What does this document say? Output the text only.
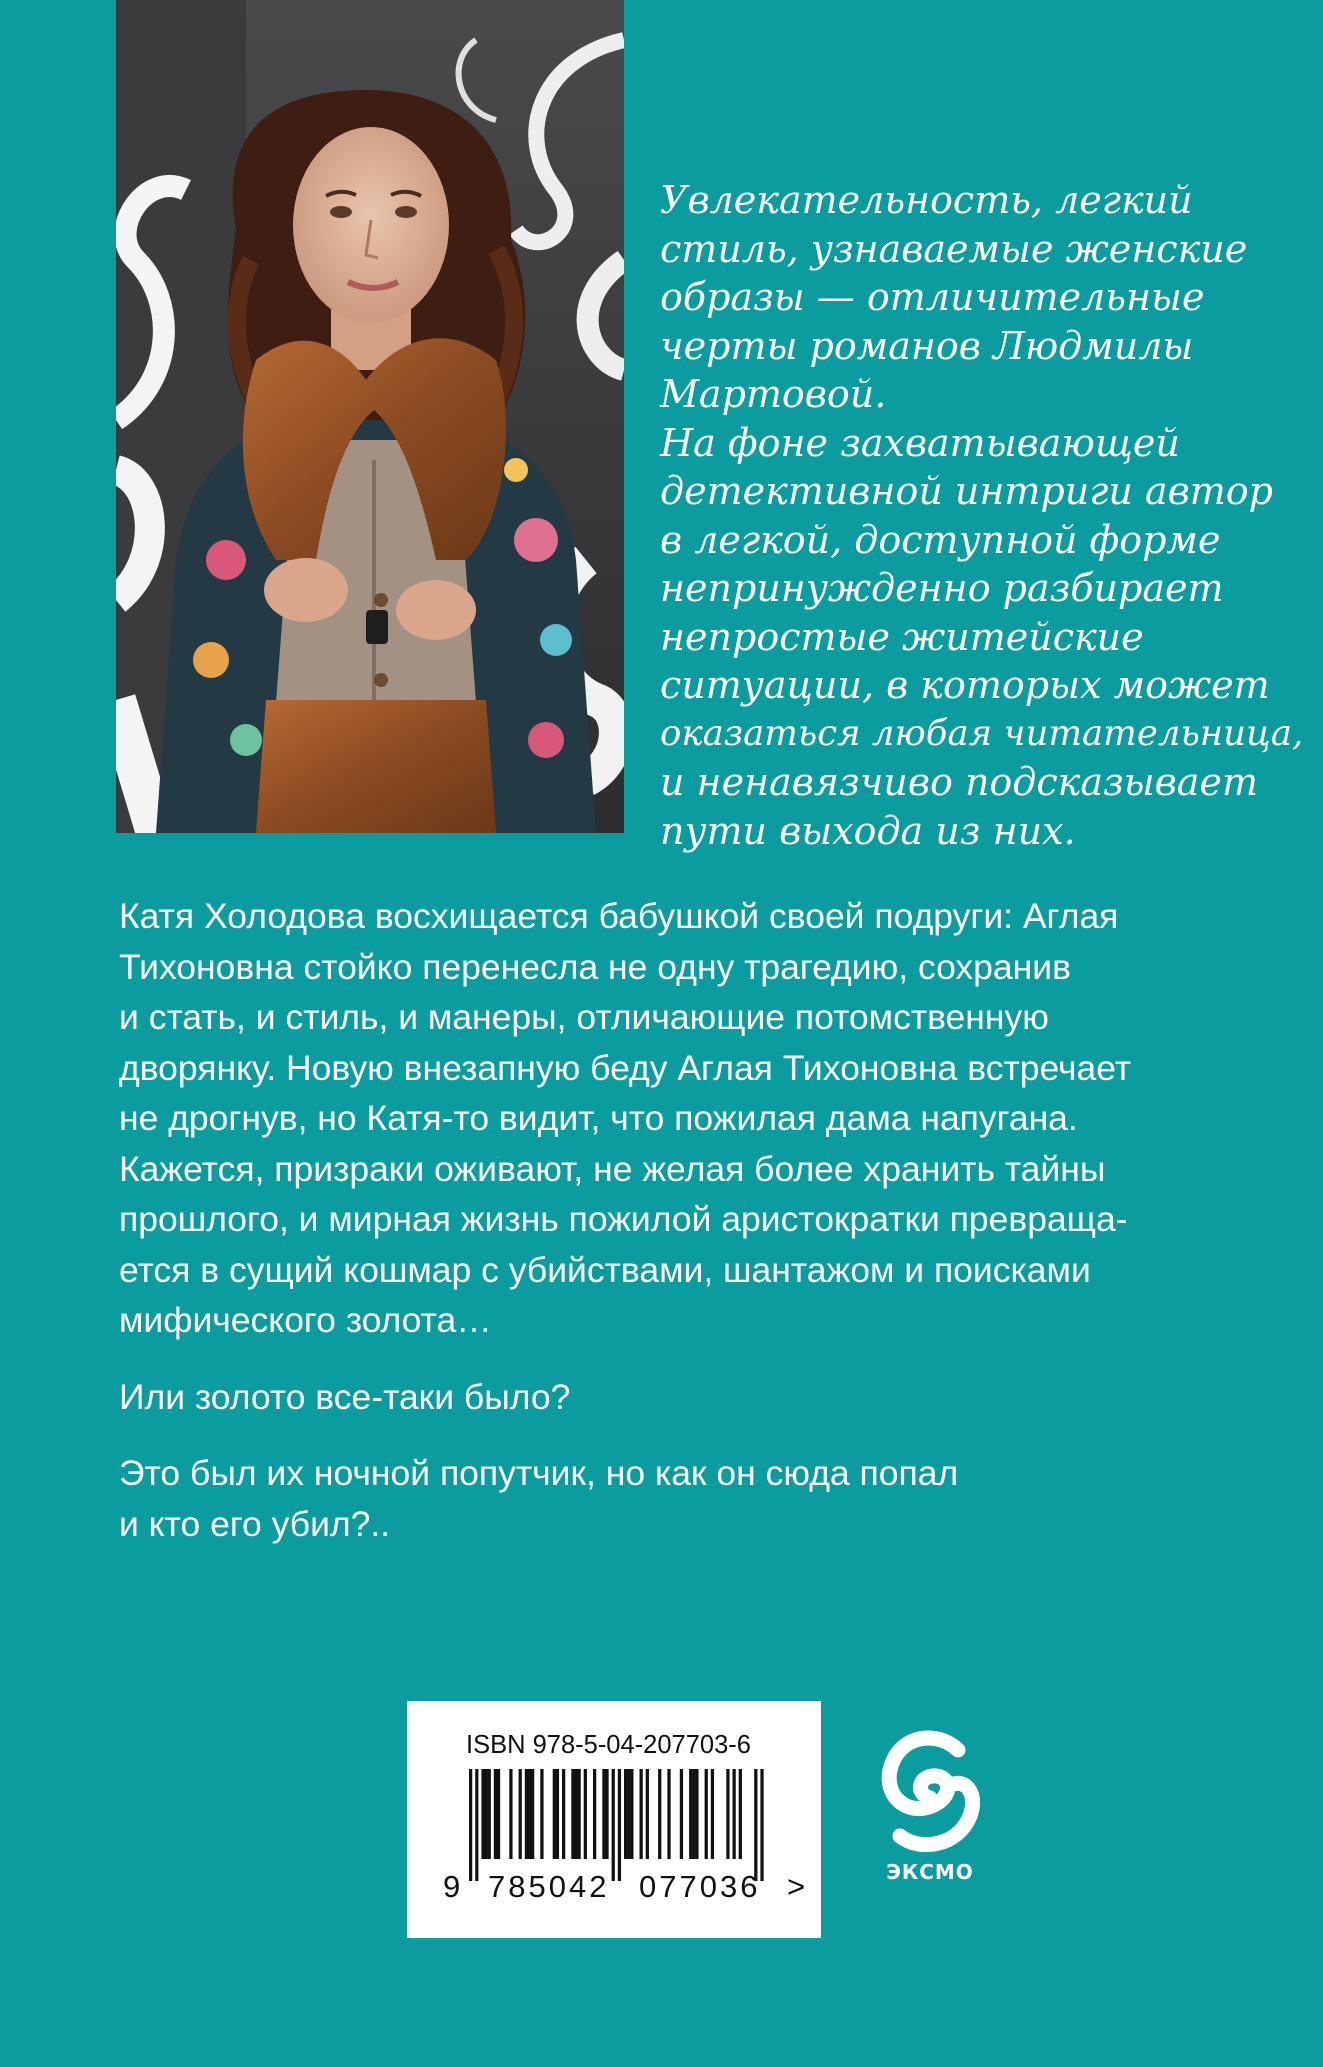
Увлекательность, легкий
стиль, узнаваемые женские
образы — отличительные
черты романов Людмилы
Мартовой.
На фоне захватывающей
детективной интриги автор
в легкой, доступной форме
непринужденно разбирает
непростые житейские
ситуации, в которых может
оказаться любая читательница,
и ненавязчиво подсказывает
пути выхода из них.

Катя Холодова восхищается бабушкой своей подруги: Аглая
Тихоновна стойко перенесла не одну трагедию, сохранив
и стать, и стиль, и манеры, отличающие потомственную
дворянку. Новую внезапную беду Аглая Тихоновна встречает
не дрогнув, но Катя-то видит, что пожилая дама напугана.
Кажется, призраки оживают, не желая более хранить тайны
прошлого, и мирная жизнь пожилой аристократки превраща-
ется в сущий кошмар с убийствами, шантажом и поисками
мифического золота…

Или золото все-таки было?

Это был их ночной попутчик, но как он сюда попал
и кто его убил?..

ISBN 978-5-04-207703-6
9 785042 077036 >	ЭКСМО
